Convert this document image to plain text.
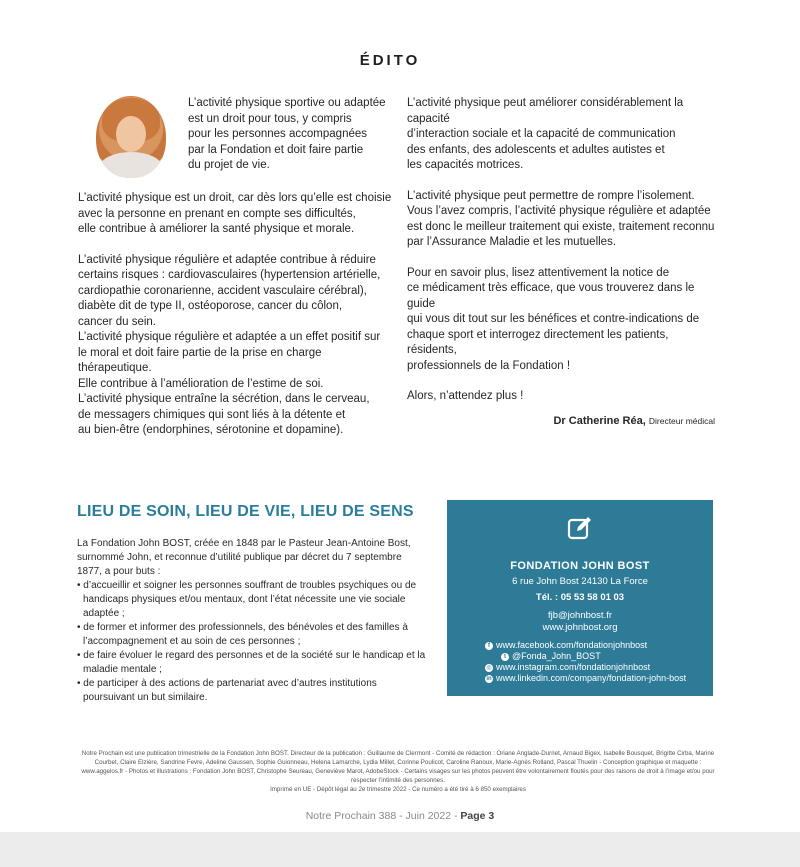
ÉDITO

L’activité physique sportive ou adaptée

est un droit pour tous, y compris

pour les personnes accompagnées

par la Fondation et doit faire partie

du projet de vie.

L’activité physique est un droit, car dès lors qu’elle est choisie

avec la personne en prenant en compte ses difficultés,

elle contribue à améliorer la santé physique et morale.

L’activité physique régulière et adaptée contribue à réduire

certains risques : cardiovasculaires (hypertension artérielle,

cardiopathie coronarienne, accident vasculaire cérébral),

diabète dit de type II, ostéoporose, cancer du côlon,

cancer du sein.

L’activité physique régulière et adaptée a un effet positif sur

le moral et doit faire partie de la prise en charge thérapeutique.

Elle contribue à l’amélioration de l’estime de soi.

L’activité physique entraîne la sécrétion, dans le cerveau,

de messagers chimiques qui sont liés à la détente et

au bien-être (endorphines, sérotonine et dopamine).

L’activité physique peut améliorer considérablement la capacité

d’interaction sociale et la capacité de communication

des enfants, des adolescents et adultes autistes et

les capacités motrices.

L’activité physique peut permettre de rompre l’isolement.

Vous l’avez compris, l’activité physique régulière et adaptée

est donc le meilleur traitement qui existe, traitement reconnu

par l’Assurance Maladie et les mutuelles.

Pour en savoir plus, lisez attentivement la notice de

ce médicament très efficace, que vous trouverez dans le guide

qui vous dit tout sur les bénéfices et contre-indications de

chaque sport et interrogez directement les patients, résidents,

professionnels de la Fondation !

Alors, n’attendez plus !

Dr Catherine Réa, Directeur médical
LIEU DE SOIN, LIEU DE VIE, LIEU DE SENS

La Fondation John BOST, créée en 1848 par le Pasteur Jean-Antoine Bost,

surnommé John, et reconnue d’utilité publique par décret du 7 septembre

1877, a pour buts :

• d’accueillir et soigner les personnes souffrant de troubles psychiques ou de handicaps physiques et/ou mentaux, dont l’état nécessite une vie sociale adaptée ;
• de former et informer des professionnels, des bénévoles et des familles à l’accompagnement et au soin de ces personnes ;
• de faire évoluer le regard des personnes et de la société sur le handicap et la maladie mentale ;
• de participer à des actions de partenariat avec d’autres institutions poursuivant un but similaire.
FONDATION JOHN BOST
6 rue John Bost 24130 La Force
Tél. : 05 53 58 01 03
fjb@johnbost.fr
www.johnbost.org
f www.facebook.com/fondationjohnbost
t @Fonda_John_BOST
◎ www.instagram.com/fondationjohnbost
in www.linkedin.com/company/fondation-john-bost

Notre Prochain est une publication trimestrielle de la Fondation John BOST. Directeur de la publication : Guillaume de Clermont - Comité de rédaction : Oriane Anglade-Durriet, Arnaud Bigex, Isabelle Bousquet, Brigitte Cirba, Marine Courbet, Claire Elzière, Sandrine Fevre, Adeline Gaussen, Sophie Guionneau, Helena Lamarche, Lydia Millet, Corinne Poulicot, Caroline Ranoux, Marie-Agnès Rolland, Pascal Thuelin - Conception graphique et maquette : www.aggelos.fr - Photos et illustrations : Fondation John BOST, Christophe Seureau, Geneviève Marot, AdobeStock - Certains visages sur les photos peuvent être volontairement floutés pour des raisons de droit à l’image et/ou pour respecter l’intimité des personnes.

Imprimé en UE - Dépôt légal au 2e trimestre 2022 - Ce numéro a été tiré à 6 850 exemplaires

Notre Prochain 388 - Juin 2022 - Page 3
